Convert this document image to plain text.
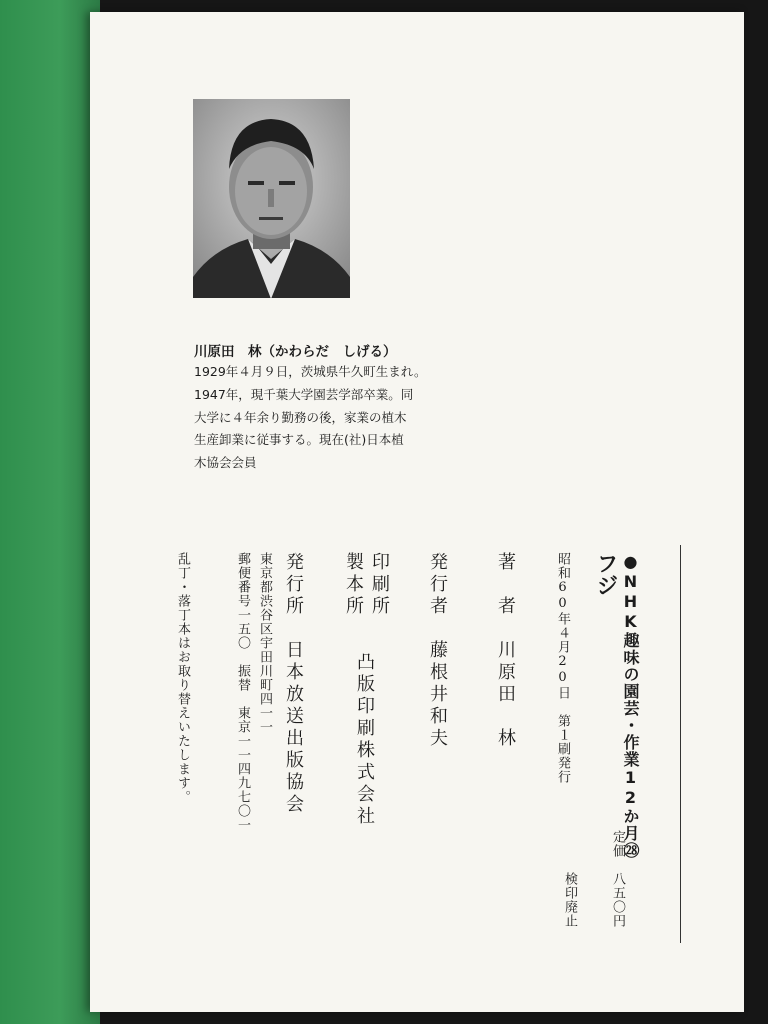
川原田　林（かわらだ　しげる）
1929年４月９日，茨城県牛久町生まれ。
1947年，現千葉大学園芸学部卒業。同
大学に４年余り勤務の後，家業の植木
生産卸業に従事する。現在(社)日本植
木協会会員
●NHK趣味の園芸・作業12か月㉘
フジ
昭和60年４月20日　第１刷発行
定価　八五〇円
検印廃止
著　者　川原田　林
発行者　藤根井和夫
印刷所
製本所
凸版印刷株式会社
発行所　日本放送出版協会
東京都渋谷区宇田川町四一一
郵便番号一五〇　振替　東京一一四九七〇一
乱丁・落丁本はお取り替えいたします。
